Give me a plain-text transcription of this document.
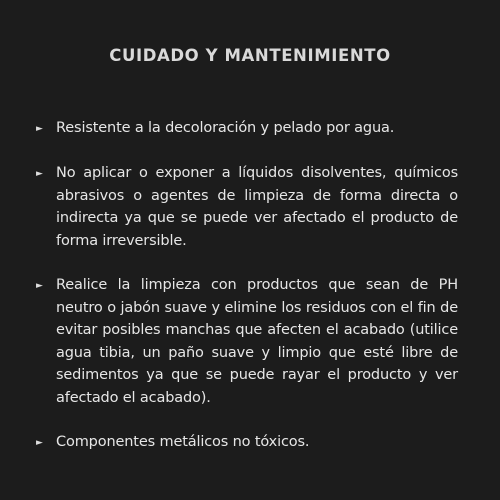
CUIDADO Y MANTENIMIENTO
► Resistente a la decoloración y pelado por agua.
► No aplicar o exponer a líquidos disolventes, químicos abrasivos o agentes de limpieza de forma directa o indirecta ya que se puede ver afectado el producto de forma irreversible.
► Realice la limpieza con productos que sean de PH neutro o jabón suave y elimine los residuos con el fin de evitar posibles manchas que afecten el acabado (utilice agua tibia, un paño suave y limpio que esté libre de sedimentos ya que se puede rayar el producto y ver afectado el acabado).
► Componentes metálicos no tóxicos.
